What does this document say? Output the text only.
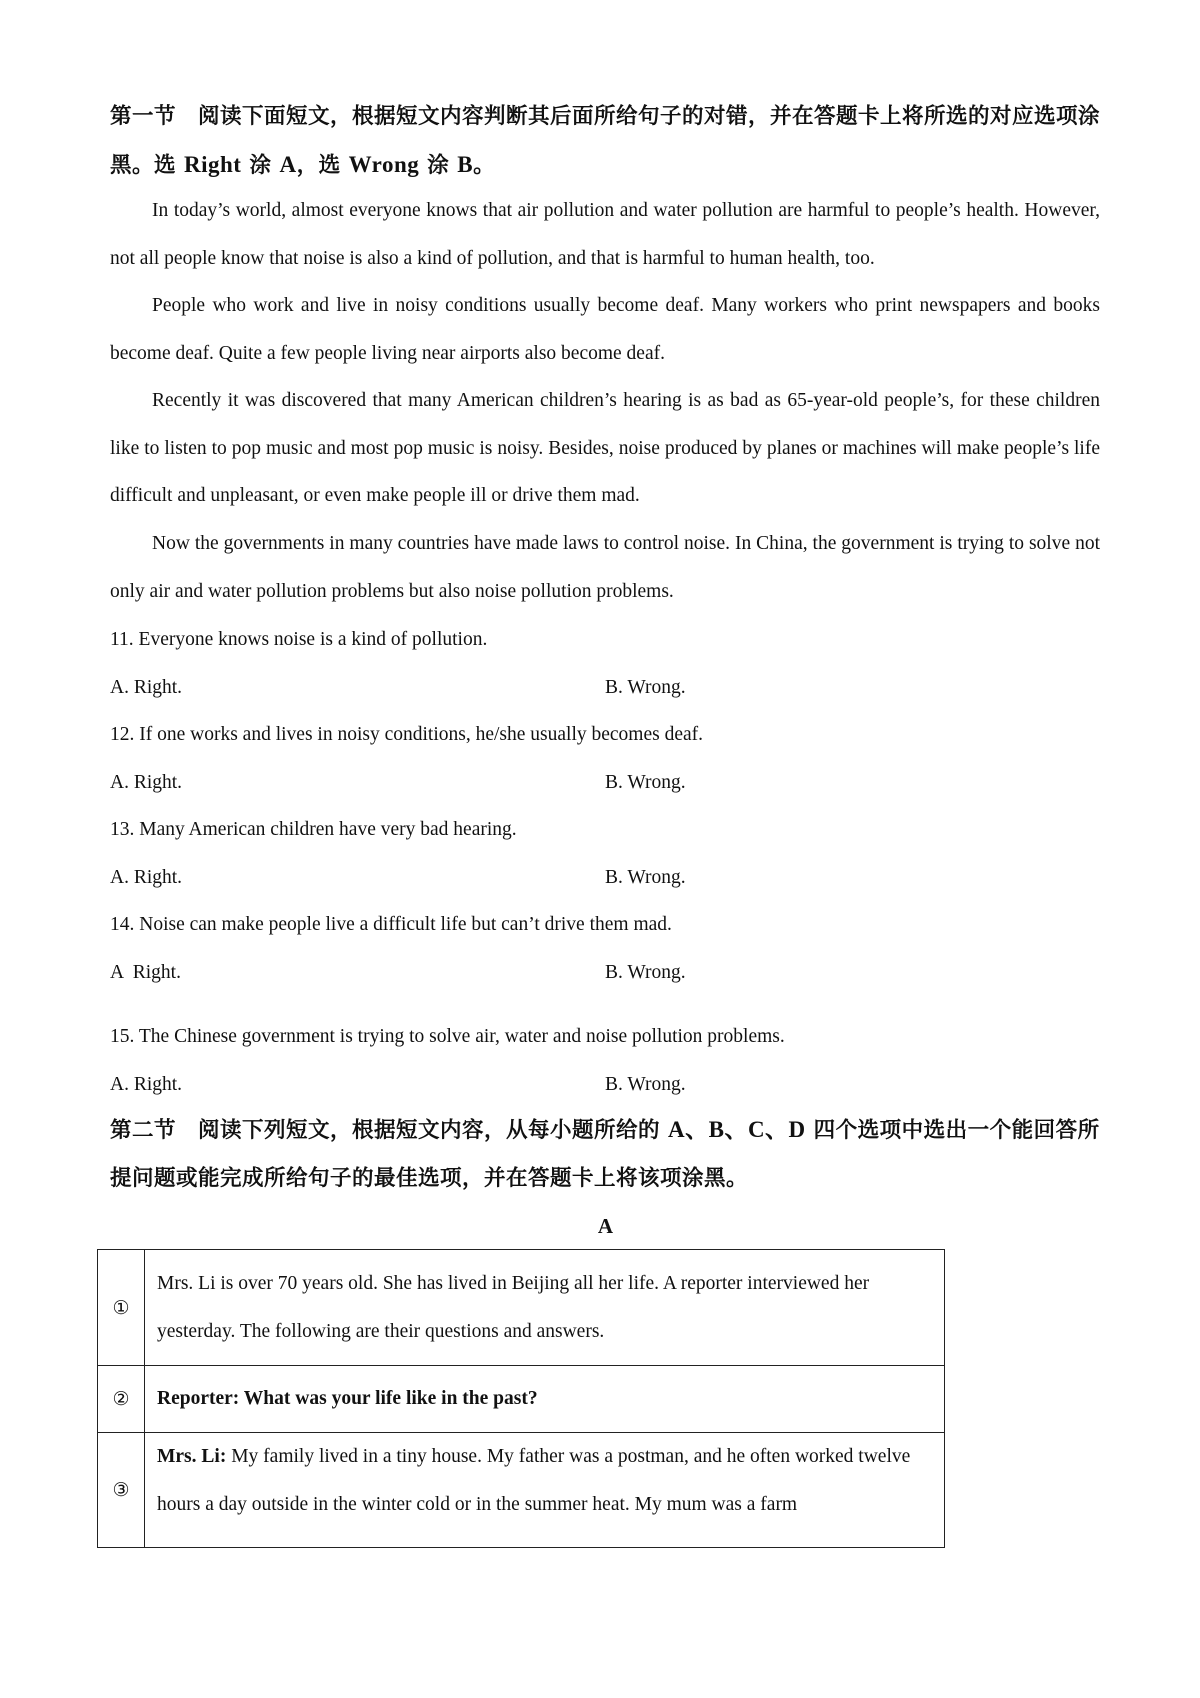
第一节　阅读下面短文，根据短文内容判断其后面所给句子的对错，并在答题卡上将所选的对应选项涂黑。选 Right 涂 A，选 Wrong 涂 B。

In today’s world, almost everyone knows that air pollution and water pollution are harmful to people’s health. However, not all people know that noise is also a kind of pollution, and that is harmful to human health, too.

People who work and live in noisy conditions usually become deaf. Many workers who print newspapers and books become deaf. Quite a few people living near airports also become deaf.

Recently it was discovered that many American children’s hearing is as bad as 65-year-old people’s, for these children like to listen to pop music and most pop music is noisy. Besides, noise produced by planes or machines will make people’s life difficult and unpleasant, or even make people ill or drive them mad.

Now the governments in many countries have made laws to control noise. In China, the government is trying to solve not only air and water pollution problems but also noise pollution problems.

11. Everyone knows noise is a kind of pollution.
A. Right.	B. Wrong.
12. If one works and lives in noisy conditions, he/she usually becomes deaf.
A. Right.	B. Wrong.
13. Many American children have very bad hearing.
A. Right.	B. Wrong.
14. Noise can make people live a difficult life but can’t drive them mad.
A  Right.	B. Wrong.
15. The Chinese government is trying to solve air, water and noise pollution problems.
A. Right.	B. Wrong.
第二节　阅读下列短文，根据短文内容，从每小题所给的 A、B、C、D 四个选项中选出一个能回答所提问题或能完成所给句子的最佳选项，并在答题卡上将该项涂黑。
A
①	Mrs. Li is over 70 years old. She has lived in Beijing all her life. A reporter interviewed her yesterday. The following are their questions and answers.
②	Reporter: What was your life like in the past?
③	Mrs. Li: My family lived in a tiny house. My father was a postman, and he often worked twelve hours a day outside in the winter cold or in the summer heat. My mum was a farm
